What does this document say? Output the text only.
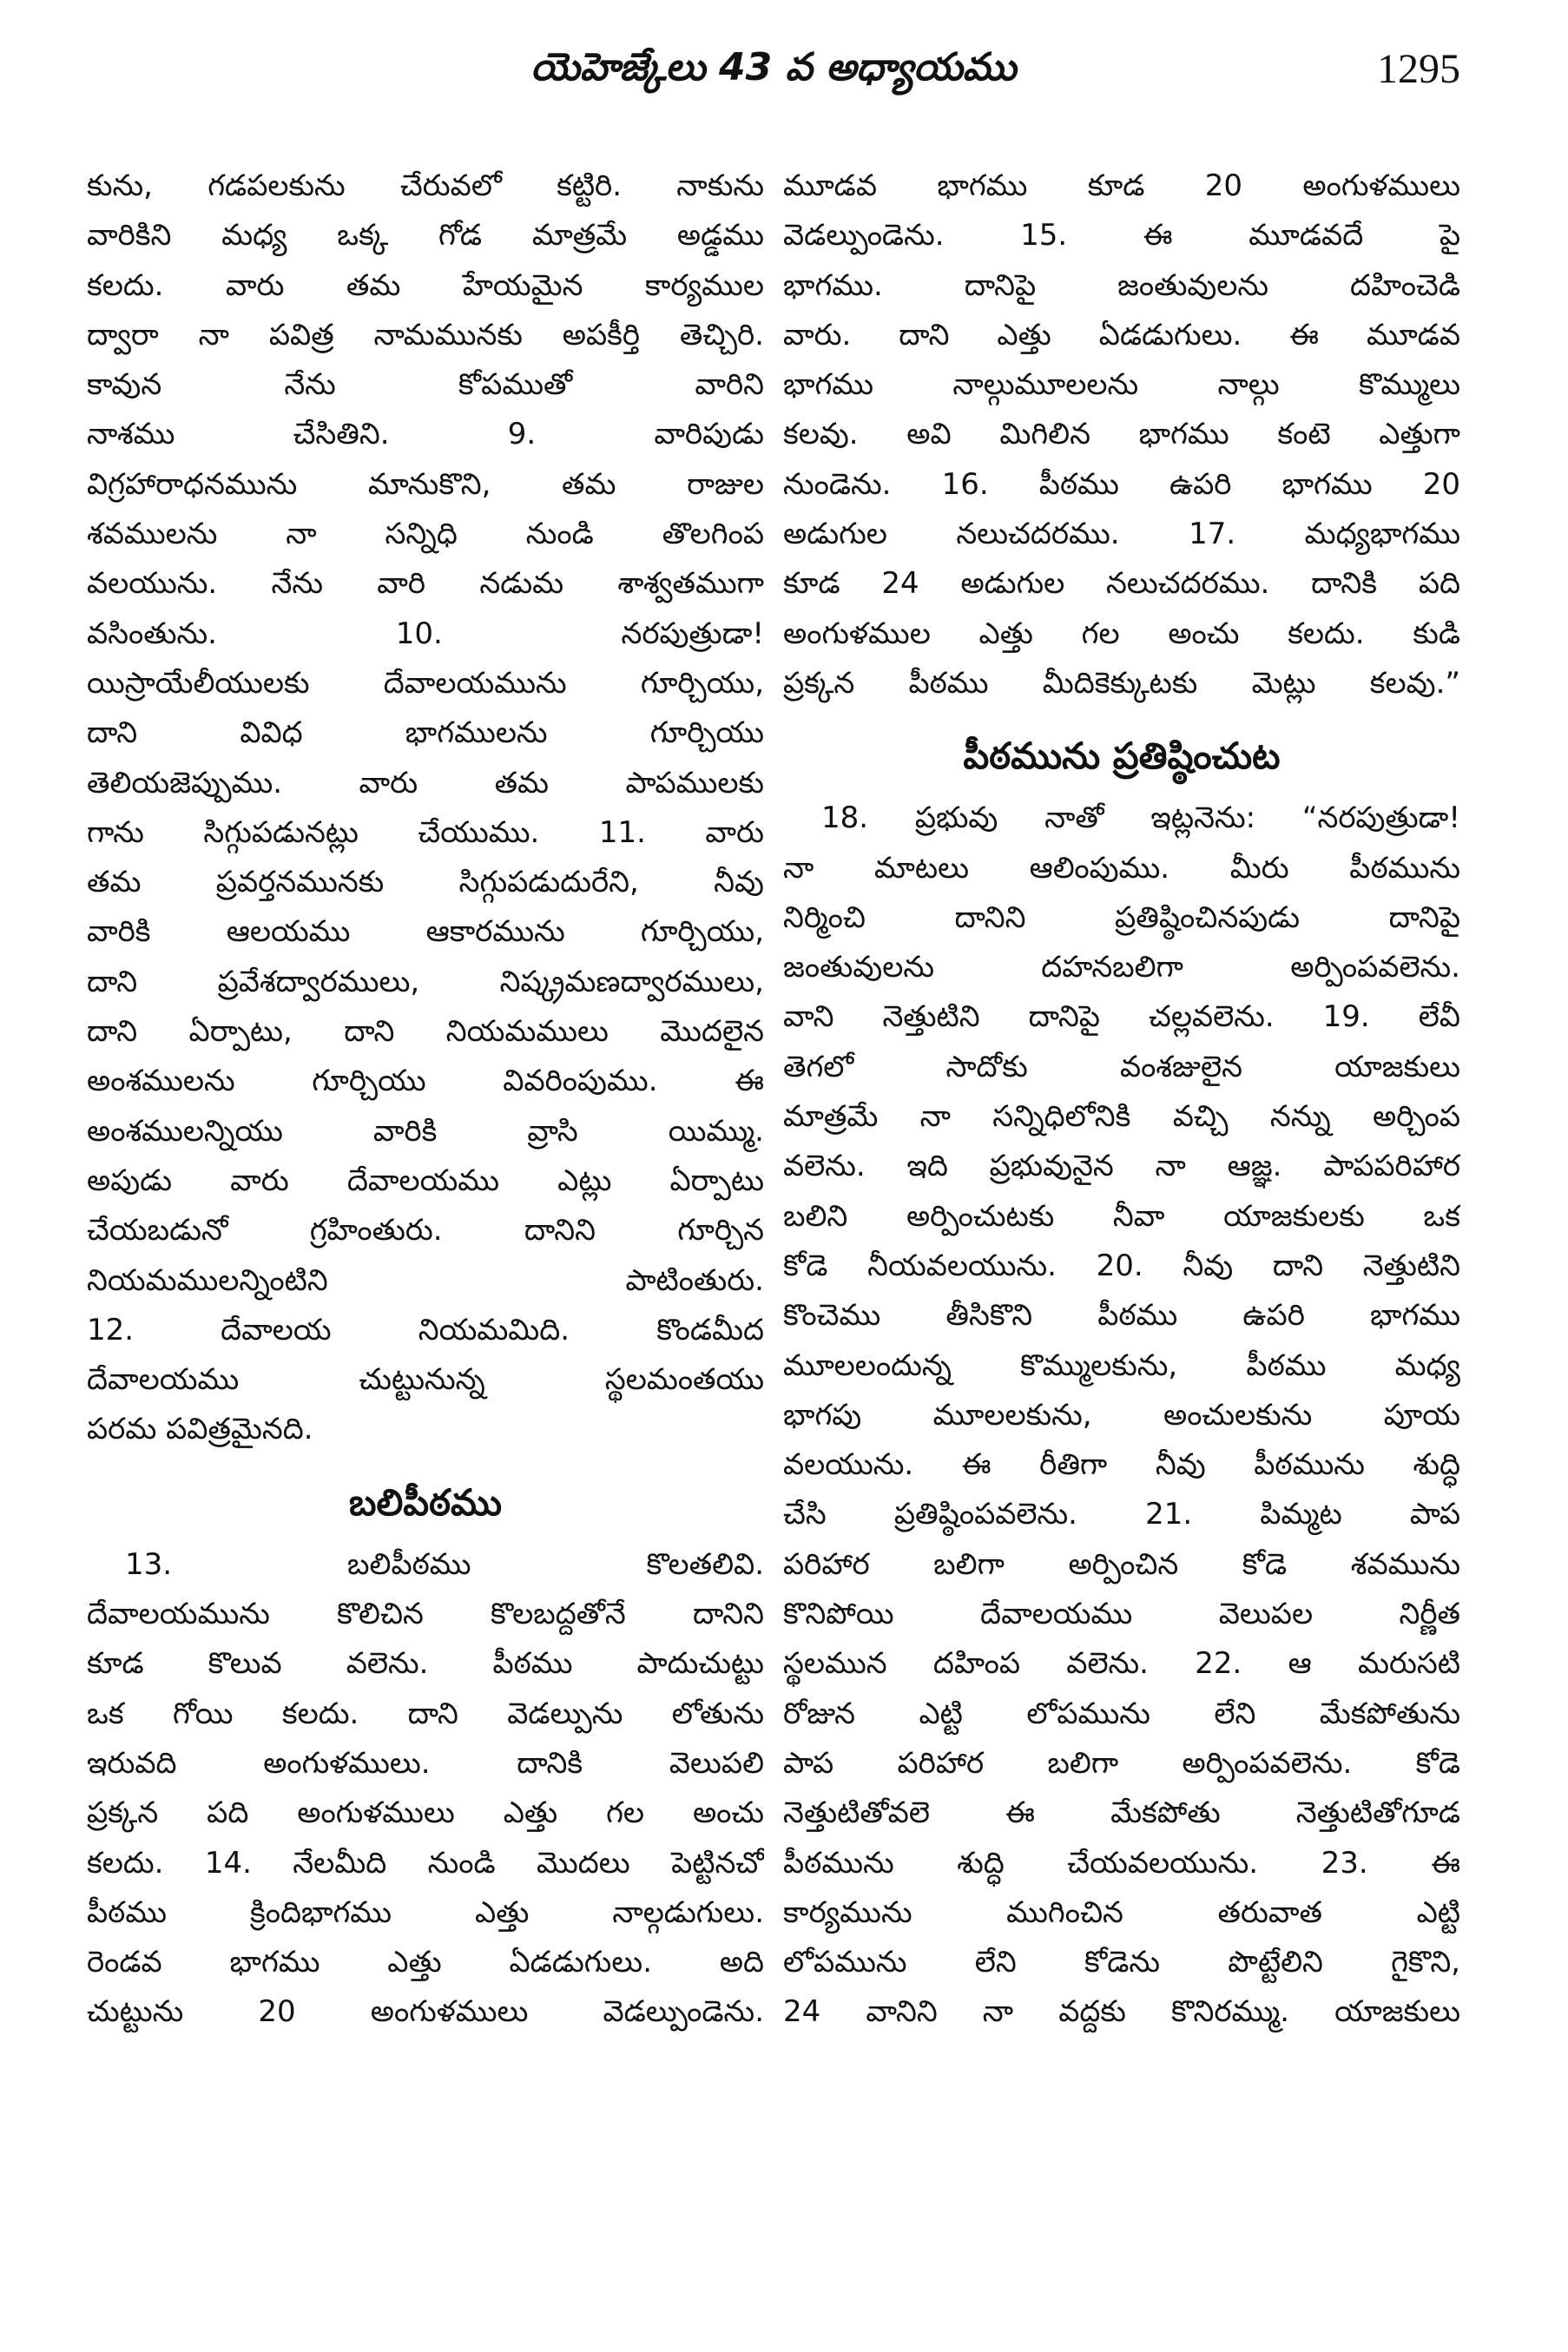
యెహెజ్కేలు 43 వ అధ్యాయము	1295
కును, గడపలకును చేరువలో కట్టిరి. నాకును
వారికిని మధ్య ఒక్క గోడ మాత్రమే అడ్డము
కలదు. వారు తమ హేయమైన కార్యముల
ద్వారా నా పవిత్ర నామమునకు అపకీర్తి తెచ్చిరి.
కావున నేను కోపముతో వారిని
నాశము చేసితిని. 9. వారిపుడు
విగ్రహారాధనమును మానుకొని, తమ రాజుల
శవములను నా సన్నిధి నుండి తొలగింప
వలయును. నేను వారి నడుమ శాశ్వతముగా
వసింతును. 10. నరపుత్రుడా!
యిస్రాయేలీయులకు దేవాలయమును గూర్చియు,
దాని వివిధ భాగములను గూర్చియు
తెలియజెప్పుము. వారు తమ పాపములకు
గాను సిగ్గుపడునట్లు చేయుము. 11. వారు
తమ ప్రవర్తనమునకు సిగ్గుపడుదురేని, నీవు
వారికి ఆలయము ఆకారమును గూర్చియు,
దాని ప్రవేశద్వారములు, నిష్క్రమణద్వారములు,
దాని ఏర్పాటు, దాని నియమములు మొదలైన
అంశములను గూర్చియు వివరింపుము. ఈ
అంశములన్నియు వారికి వ్రాసి యిమ్ము.
అపుడు వారు దేవాలయము ఎట్లు ఏర్పాటు
చేయబడునో గ్రహింతురు. దానిని గూర్చిన
నియమములన్నింటిని పాటింతురు.
12. దేవాలయ నియమమిది. కొండమీద
దేవాలయము చుట్టునున్న స్థలమంతయు
పరమ పవిత్రమైనది.
బలిపీఠము
13. బలిపీఠము కొలతలివి.
దేవాలయమును కొలిచిన కొలబద్దతోనే దానిని
కూడ కొలువ వలెను. పీఠము పాదుచుట్టు
ఒక గోయి కలదు. దాని వెడల్పును లోతును
ఇరువది అంగుళములు. దానికి వెలుపలి
ప్రక్కన పది అంగుళములు ఎత్తు గల అంచు
కలదు. 14. నేలమీది నుండి మొదలు పెట్టినచో
పీఠము క్రిందిభాగము ఎత్తు నాల్గడుగులు.
రెండవ భాగము ఎత్తు ఏడడుగులు. అది
చుట్టును 20 అంగుళములు వెడల్పుండెను.
మూడవ భాగము కూడ 20 అంగుళములు
వెడల్పుండెను. 15. ఈ మూడవదే పై
భాగము. దానిపై జంతువులను దహించెడి
వారు. దాని ఎత్తు ఏడడుగులు. ఈ మూడవ
భాగము నాల్గుమూలలను నాల్గు కొమ్ములు
కలవు. అవి మిగిలిన భాగము కంటె ఎత్తుగా
నుండెను. 16. పీఠము ఉపరి భాగము 20
అడుగుల నలుచదరము. 17. మధ్యభాగము
కూడ 24 అడుగుల నలుచదరము. దానికి పది
అంగుళముల ఎత్తు గల అంచు కలదు. కుడి
ప్రక్కన పీఠము మీదికెక్కుటకు మెట్లు కలవు.”
పీఠమును ప్రతిష్ఠించుట
18. ప్రభువు నాతో ఇట్లనెను: “నరపుత్రుడా!
నా మాటలు ఆలింపుము. మీరు పీఠమును
నిర్మించి దానిని ప్రతిష్ఠించినపుడు దానిపై
జంతువులను దహనబలిగా అర్పింపవలెను.
వాని నెత్తుటిని దానిపై చల్లవలెను. 19. లేవీ
తెగలో సాదోకు వంశజులైన యాజకులు
మాత్రమే నా సన్నిధిలోనికి వచ్చి నన్ను అర్చింప
వలెను. ఇది ప్రభువునైన నా ఆజ్ఞ. పాపపరిహార
బలిని అర్పించుటకు నీవా యాజకులకు ఒక
కోడె నీయవలయును. 20. నీవు దాని నెత్తుటిని
కొంచెము తీసికొని పీఠము ఉపరి భాగము
మూలలందున్న కొమ్ములకును, పీఠము మధ్య
భాగపు మూలలకును, అంచులకును పూయ
వలయును. ఈ రీతిగా నీవు పీఠమును శుద్ధి
చేసి ప్రతిష్ఠింపవలెను. 21. పిమ్మట పాప
పరిహార బలిగా అర్పించిన కోడె శవమును
కొనిపోయి దేవాలయము వెలుపల నిర్ణీత
స్థలమున దహింప వలెను. 22. ఆ మరుసటి
రోజున ఎట్టి లోపమును లేని మేకపోతును
పాప పరిహార బలిగా అర్పింపవలెను. కోడె
నెత్తుటితోవలె ఈ మేకపోతు నెత్తుటితోగూడ
పీఠమును శుద్ధి చేయవలయును. 23. ఈ
కార్యమును ముగించిన తరువాత ఎట్టి
లోపమును లేని కోడెను పొట్టేలిని గైకొని,
24 వానిని నా వద్దకు కొనిరమ్ము. యాజకులు
